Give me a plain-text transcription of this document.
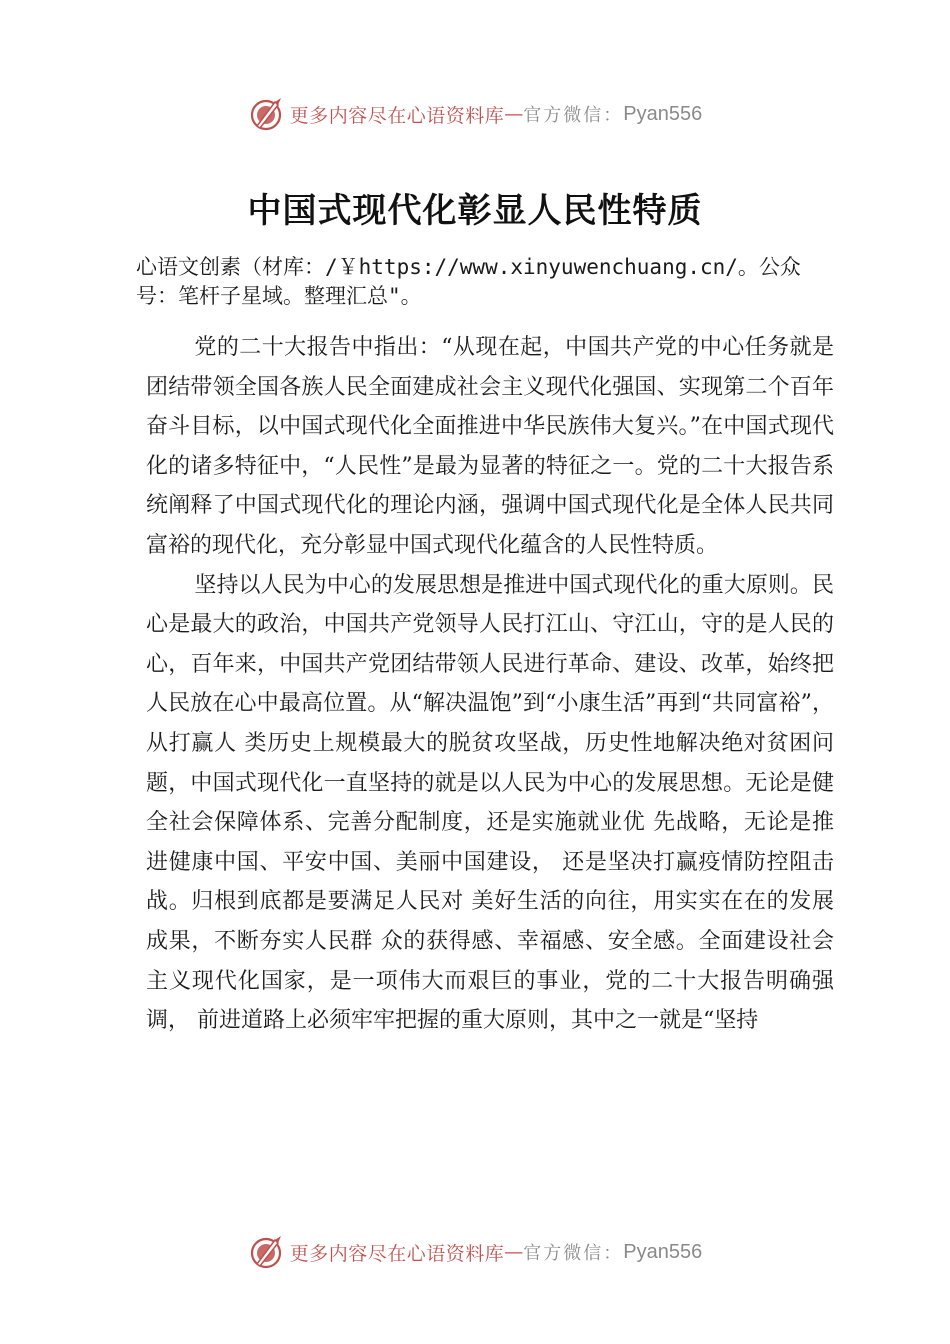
更多内容尽在心语资料库 — 官方微信： Pyan556
中国式现代化彰显人民性特质

心语文创素（材库：/￥https://www.xinyuwenchuang.cn/。公众号：笔杆子星域。整理汇总"。

党的二十大报告中指出：“从现在起，中国共产党的中心任务就是团结带领全国各族人民全面建成社会主义现代化强国、实现第二个百年奋斗目标，以中国式现代化全面推进中华民族伟大复兴。”在中国式现代化的诸多特征中，“人民性”是最为显著的特征之一。党的二十大报告系统阐释了中国式现代化的理论内涵，强调中国式现代化是全体人民共同富裕的现代化，充分彰显中国式现代化蕴含的人民性特质。

坚持以人民为中心的发展思想是推进中国式现代化的重大原则。民心是最大的政治，中国共产党领导人民打江山、守江山，守的是人民的心，百年来，中国共产党团结带领人民进行革命、建设、改革，始终把人民放在心中最高位置。从“解决温饱”到“小康生活”再到“共同富裕”，从打赢人 类历史上规模最大的脱贫攻坚战，历史性地解决绝对贫困问 题，中国式现代化一直坚持的就是以人民为中心的发展思想。无论是健全社会保障体系、完善分配制度，还是实施就业优 先战略，无论是推进健康中国、平安中国、美丽中国建设， 还是坚决打赢疫情防控阻击战。归根到底都是要满足人民对 美好生活的向往，用实实在在的发展成果，不断夯实人民群 众的获得感、幸福感、安全感。全面建设社会主义现代化国家，是一项伟大而艰巨的事业，党的二十大报告明确强调， 前进道路上必须牢牢把握的重大原则，其中之一就是“坚持

更多内容尽在心语资料库 — 官方微信： Pyan556
